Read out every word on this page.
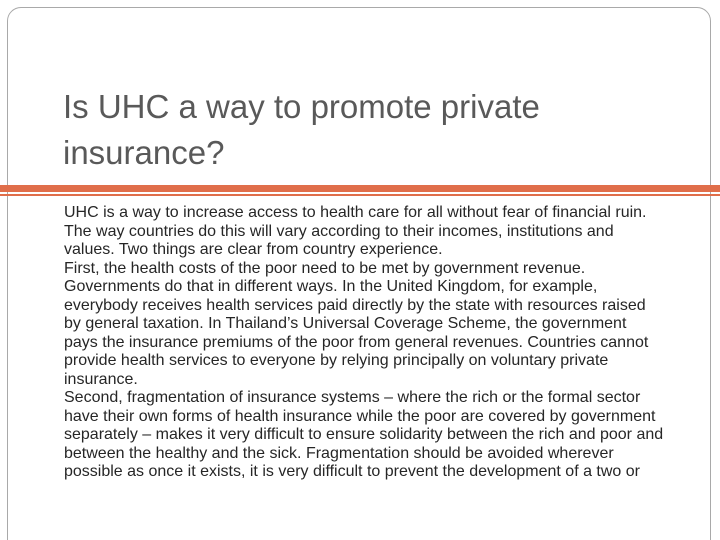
Is UHC a way to promote private insurance?

UHC is a way to increase access to health care for all without fear of financial ruin. The way countries do this will vary according to their incomes, institutions and values. Two things are clear from country experience.

First, the health costs of the poor need to be met by government revenue. Governments do that in different ways. In the United Kingdom, for example, everybody receives health services paid directly by the state with resources raised by general taxation. In Thailand’s Universal Coverage Scheme, the government pays the insurance premiums of the poor from general revenues. Countries cannot provide health services to everyone by relying principally on voluntary private insurance.

Second, fragmentation of insurance systems – where the rich or the formal sector have their own forms of health insurance while the poor are covered by government separately – makes it very difficult to ensure solidarity between the rich and poor and between the healthy and the sick. Fragmentation should be avoided wherever possible as once it exists, it is very difficult to prevent the development of a two or
